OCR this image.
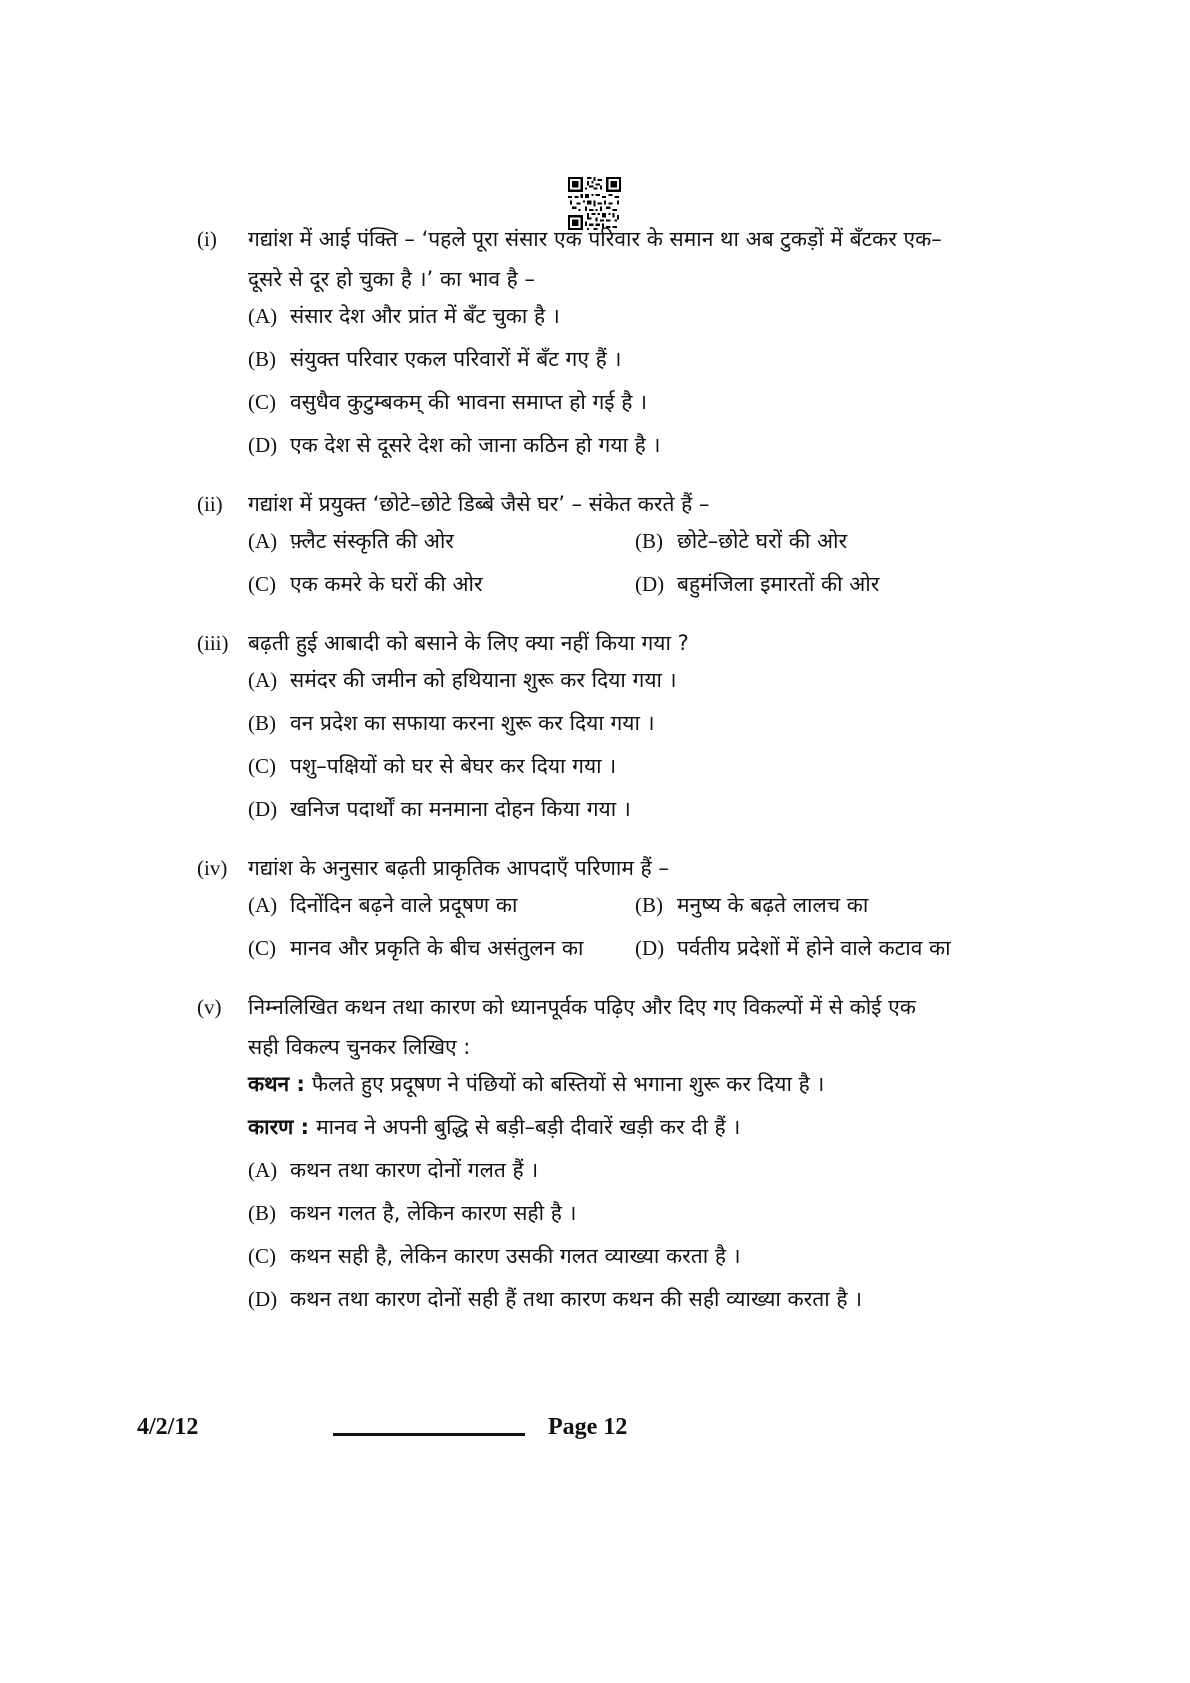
(i)	गद्यांश में आई पंक्ति – ‘पहले पूरा संसार एक परिवार के समान था अब टुकड़ों में बँटकर एक–दूसरे से दूर हो चुका है ।’ का भाव है –

(A) संसार देश और प्रांत में बँट चुका है ।
(B) संयुक्त परिवार एकल परिवारों में बँट गए हैं ।
(C) वसुधैव कुटुम्बकम् की भावना समाप्त हो गई है ।
(D) एक देश से दूसरे देश को जाना कठिन हो गया है ।
(ii)	गद्यांश में प्रयुक्त ‘छोटे–छोटे डिब्बे जैसे घर’ – संकेत करते हैं –

(A) फ़्लैट संस्कृति की ओर	(B) छोटे–छोटे घरों की ओर
(C) एक कमरे के घरों की ओर	(D) बहुमंजिला इमारतों की ओर
(iii) बढ़ती हुई आबादी को बसाने के लिए क्या नहीं किया गया ?

(A) समंदर की जमीन को हथियाना शुरू कर दिया गया ।
(B) वन प्रदेश का सफाया करना शुरू कर दिया गया ।
(C) पशु–पक्षियों को घर से बेघर कर दिया गया ।
(D) खनिज पदार्थों का मनमाना दोहन किया गया ।
(iv) गद्यांश के अनुसार बढ़ती प्राकृतिक आपदाएँ परिणाम हैं –

(A) दिनोंदिन बढ़ने वाले प्रदूषण का	(B) मनुष्य के बढ़ते लालच का
(C) मानव और प्रकृति के बीच असंतुलन का	(D) पर्वतीय प्रदेशों में होने वाले कटाव का
(v)	निम्नलिखित कथन तथा कारण को ध्यानपूर्वक पढ़िए और दिए गए विकल्पों में से कोई एक सही विकल्प चुनकर लिखिए :

कथन : फैलते हुए प्रदूषण ने पंछियों को बस्तियों से भगाना शुरू कर दिया है ।

कारण : मानव ने अपनी बुद्धि से बड़ी–बड़ी दीवारें खड़ी कर दी हैं ।

(A) कथन तथा कारण दोनों गलत हैं ।
(B) कथन गलत है, लेकिन कारण सही है ।
(C) कथन सही है, लेकिन कारण उसकी गलत व्याख्या करता है ।
(D) कथन तथा कारण दोनों सही हैं तथा कारण कथन की सही व्याख्या करता है ।
4/2/12	Page 12
